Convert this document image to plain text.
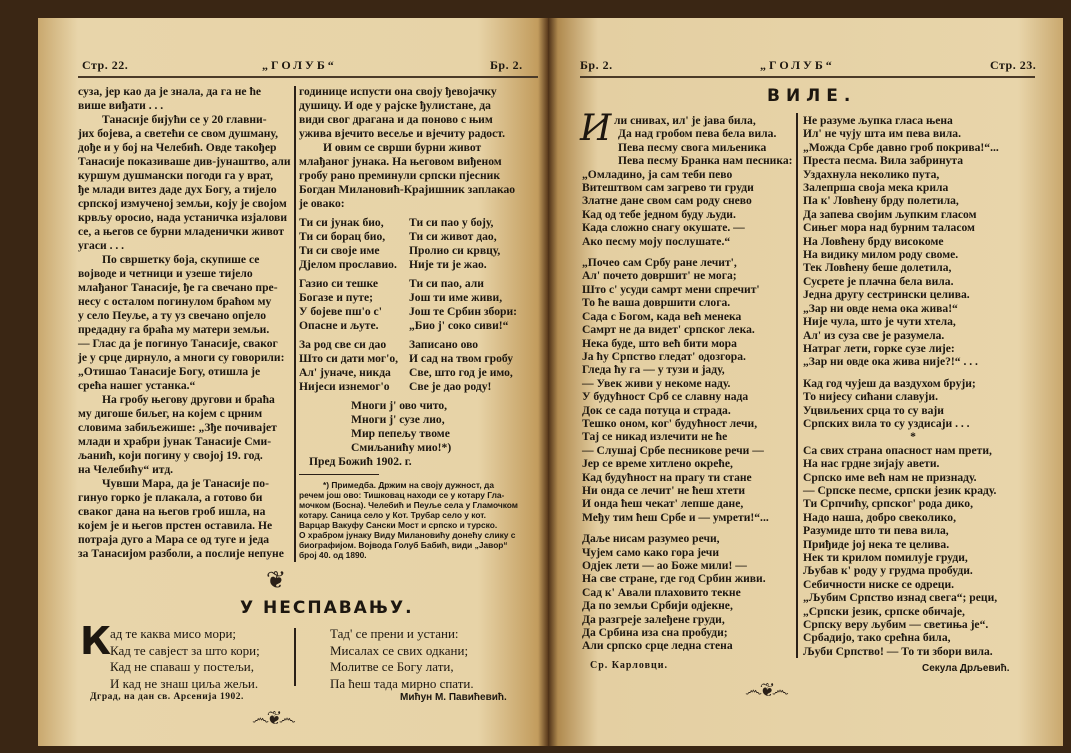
Стр. 22.	„ГОЛУБ“	Бр. 2.
суза, јер као да је знала, да га не ће
више виђати . . .
Танасије бијући се у 20 главни-
јих бојева, а светећи се свом душману,
дође и у бој на Челебић. Овде такођер
Танасије показиваше див-јунаштво, али
куршум душмански погоди га у врат,
ђе млади витез даде дух Богу, а тијело
српској измученој земљи, коју је својом
крвљу оросио, нада устаничка изјалови
се, а његов се бурни младенички живот
угаси . . .
По свршетку боја, скупише се
војводе и четници и узеше тијело
млађаног Танасије, ђе га свечано пре-
несу с осталом погинулом браћом му
у село Пеуље, а ту уз свечано опјело
предадну га браћа му матери земљи.
— Глас да је погинуо Танасије, сваког
је у срце дирнуло, а многи су говорили:
„Отишао Танасије Богу, отишла је
срећа нашег устанка.“
На гробу његову другови и браћа
му дигоше биљег, на којем с црним
словима забиљежише: „Зђе почиваjет
млади и храбри јунак Танасије Сми-
љанић, који погину у својој 19. год.
на Челебићу“ итд.
Чувши Мара, да је Танасије по-
гинуо горко је плакала, а готово би
сваког дана на његов гроб ишла, на
којем је и његов прстен оставила. Не
потраја дуго а Мара се од туге и једа
за Танасијом разболи, а послије непуне
годинице испусти она своју ђевојачку
душицу. И оде у рајске ђулистане, да
види свог драгана и да поново с њим
ужива вјечито весеље и вјечиту радост.
И овим се сврши бурни живот
млађаног јунака. На његовом виђеном
гробу рано преминули српски пјесник
Богдан Милановић-Крајишник заплакао
је овако:
Ти си јунак био,
Ти си борац био,
Ти си своје име
Дјелом прославио.
Ти си пао у боју,
Ти си живот дао,
Пролио си крвцу,
Није ти је жао.
Газио си тешке
Богазе и путе;
У бојеве пш'о с'
Опасне и љуте.
Ти си пао, али
Још ти име живи,
Још те Србин збори:
„Био ј' соко сиви!“
За род све си дао
Што си дати мог'о,
Ал' јуначе, никда
Нијеси изнемог'о
Записано ово
И сад на твом гробу
Све, што год је имо,
Све је дао роду!
Многи ј' ово чито,
Многи ј' сузе лио,
Мир пепељу твоме
Смиљанићу мио!*)
Пред Божић 1902. г.
*) Примедба. Држим на своју дужност, да
речем још ово: Тишковац находи се у котару Гла-
мочком (Босна). Челебић и Пеуље села у Гламочком
котару. Саница село у Кот. Трубар село у кот.
Варцар Вакуфу Сански Мост и српско и турско.
О храбром јунаку Виду Милановићу донећу слику с
биографијом. Војвода Голуб Бабић, види „Јавор“
број 40. од 1890.
❦
У НЕСПАВАЊУ.
К
ад те каква мисо мори;
Кад те савјест за што кори;
Кад не спаваш у постељи,
И кад не знаш циља жељи.
Тад' се прени и устани:
Мисалах се свих одкани;
Молитве се Богу лати,
Па ћеш тада мирно спати.
Дград, на дан св. Арсенија 1902.	Мићун М. Павићевић.
෴❦෴
Бр. 2.	„ГОЛУБ“	Стр. 23.
ВИЛЕ.
И ли снивах, ил' је јава била,
Да над гробом пева бела вила.
Пева песму свога миљеника
Пева песму Бранка нам песника:
„Омладино, ја сам теби пево
Витештвом сам загрево ти груди
Златне дане свом сам роду снево
Кад од тебе једном буду људи.
Када сложно снагу окушате. —
Ако песму моју послушате.“
„Почео сам Србу ране лечит',
Ал' почето довршит' не мога;
Што с' усуди самрт мени спречит'
То ће ваша довршити слога.
Сада с Богом, када већ менека
Самрт не да видет' српског лека.
Нека буде, што већ бити мора
Ја ћу Српство гледат' одозгора.
Гледа ћу га — у тузи и јаду,
— Увек живи у некоме наду.
У будућност Срб се славну нада
Док се сада потуца и страда.
Тешко оном, ког' будућност лечи,
Тај се никад излечити не ће
— Слушај Србе песникове речи —
Јер се време хитлено окреће,
Кад будућност на прагу ти стане
Ни онда се лечит' не ћеш хтети
И онда ћеш чекат' лепше дане,
Међу тим ћеш Србе и — умрети!“...
Даље нисам разумео речи,
Чујем само како гора јечи
Одјек лети — ао Боже мили! —
На све стране, где год Србин живи.
Сад к' Авали плаховито текне
Да по земљи Србији одјекне,
Да разгреје залеђене груди,
Да Србина иза сна пробуди;
Али српско срце ледна стена
Ср. Карловци.
Не разуме љупка гласа њена
Ил' не чују шта им пева вила.
„Мождa Србе давно гроб покрива!“...
Преста песма. Вила забринута
Уздахнула неколико пута,
Залепрша своја мека крила
Па к' Ловћену брду полетила,
Да запева својим љупким гласом
Сињег мора над бурним таласом
На Ловћену брду високоме
На видику милом роду своме.
Тек Ловћену беше долетила,
Сусрете је плачна бела вила.
Једна другу сестрински целива.
„Зар ни овде нема ока жива!“
Није чула, што је чути хтела,
Ал' из суза све је разумела.
Натраг лети, горке сузе лије:
„Зар ни овде ока жива није?!“ . . .
Кад год чујеш да ваздухом бруји;
То нијесу сићани славуји.
Уцвиљених срца то су ваји
Српских вила то су уздисаји . . .
*
Са свих страна опасност нам прети,
На нас грдне зијају авети.
Српско име већ нам не признаду.
— Српске песме, српски језик краду.
Ти Српчићу, српског' рода дико,
Надо наша, добро свеколико,
Разумиде што ти пева вила,
Приђиде јој нека те целива.
Нек ти крилом помилује груди,
Љубав к' роду у грудма пробуди.
Себичности ниске се одреци.
„Љубим Српство изнад свега“; реци,
„Српски језик, српске обичаје,
Српску веру љубим — светиња је“.
Србадијо, тако срећна била,
Љуби Српство! — То ти збори вила.
Секула Дрљевић.
෴❦෴
